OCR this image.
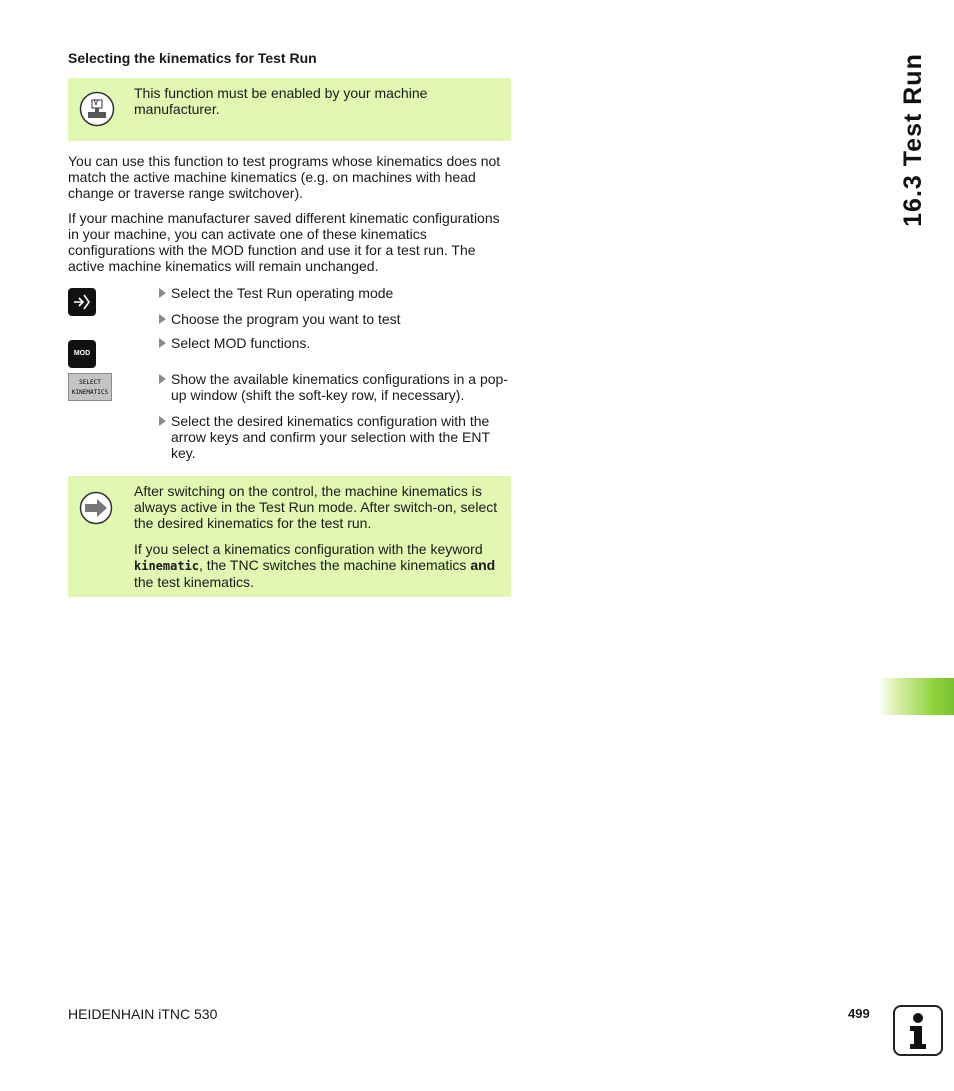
Selecting the kinematics for Test Run
V
This function must be enabled by your machine manufacturer.

You can use this function to test programs whose kinematics does not match the active machine kinematics (e.g. on machines with head change or traverse range switchover).

If your machine manufacturer saved different kinematic configurations in your machine, you can activate one of these kinematics configurations with the MOD function and use it for a test run. The active machine kinematics will remain unchanged.

MOD
SELECT
KINEMATICS
Select the Test Run operating mode
Choose the program you want to test
Select MOD functions.
Show the available kinematics configurations in a pop-up window (shift the soft-key row, if necessary).
Select the desired kinematics configuration with the arrow keys and confirm your selection with the ENT key.

After switching on the control, the machine kinematics is always active in the Test Run mode. After switch-on, select the desired kinematics for the test run.

If you select a kinematics configuration with the keyword kinematic, the TNC switches the machine kinematics and the test kinematics.

16.3 Test Run
HEIDENHAIN iTNC 530	499
